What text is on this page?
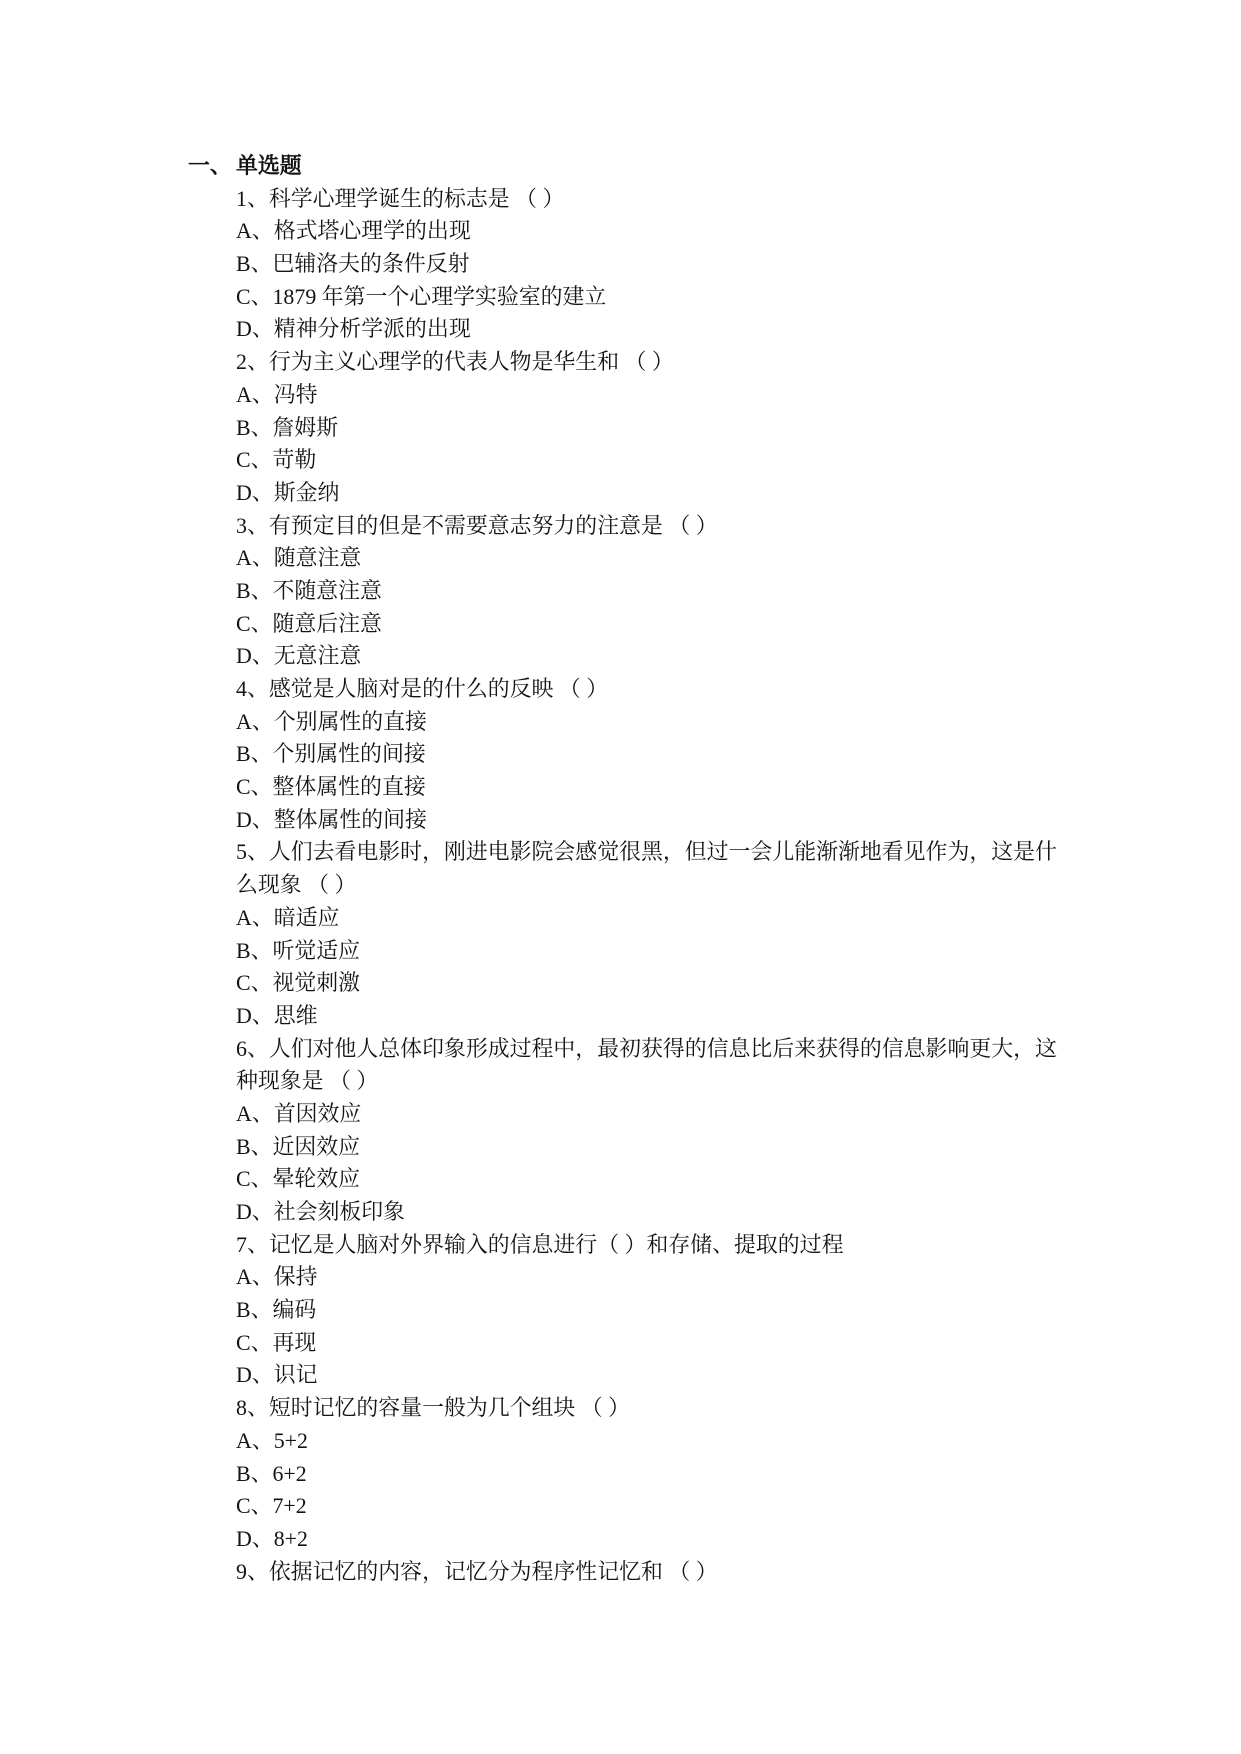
一、 单选题
1、科学心理学诞生的标志是 （ ）
A、格式塔心理学的出现
B、巴辅洛夫的条件反射
C、1879 年第一个心理学实验室的建立
D、精神分析学派的出现
2、行为主义心理学的代表人物是华生和 （ ）
A、冯特
B、詹姆斯
C、苛勒
D、斯金纳
3、有预定目的但是不需要意志努力的注意是 （ ）
A、随意注意
B、不随意注意
C、随意后注意
D、无意注意
4、感觉是人脑对是的什么的反映 （ ）
A、个别属性的直接
B、个别属性的间接
C、整体属性的直接
D、整体属性的间接
5、人们去看电影时，刚进电影院会感觉很黑，但过一会儿能渐渐地看见作为，这是什
么现象 （ ）
A、暗适应
B、听觉适应
C、视觉刺激
D、思维
6、人们对他人总体印象形成过程中，最初获得的信息比后来获得的信息影响更大，这
种现象是 （ ）
A、首因效应
B、近因效应
C、晕轮效应
D、社会刻板印象
7、记忆是人脑对外界输入的信息进行（ ）和存储、提取的过程
A、保持
B、编码
C、再现
D、识记
8、短时记忆的容量一般为几个组块 （ ）
A、5+2
B、6+2
C、7+2
D、8+2
9、依据记忆的内容，记忆分为程序性记忆和 （ ）
